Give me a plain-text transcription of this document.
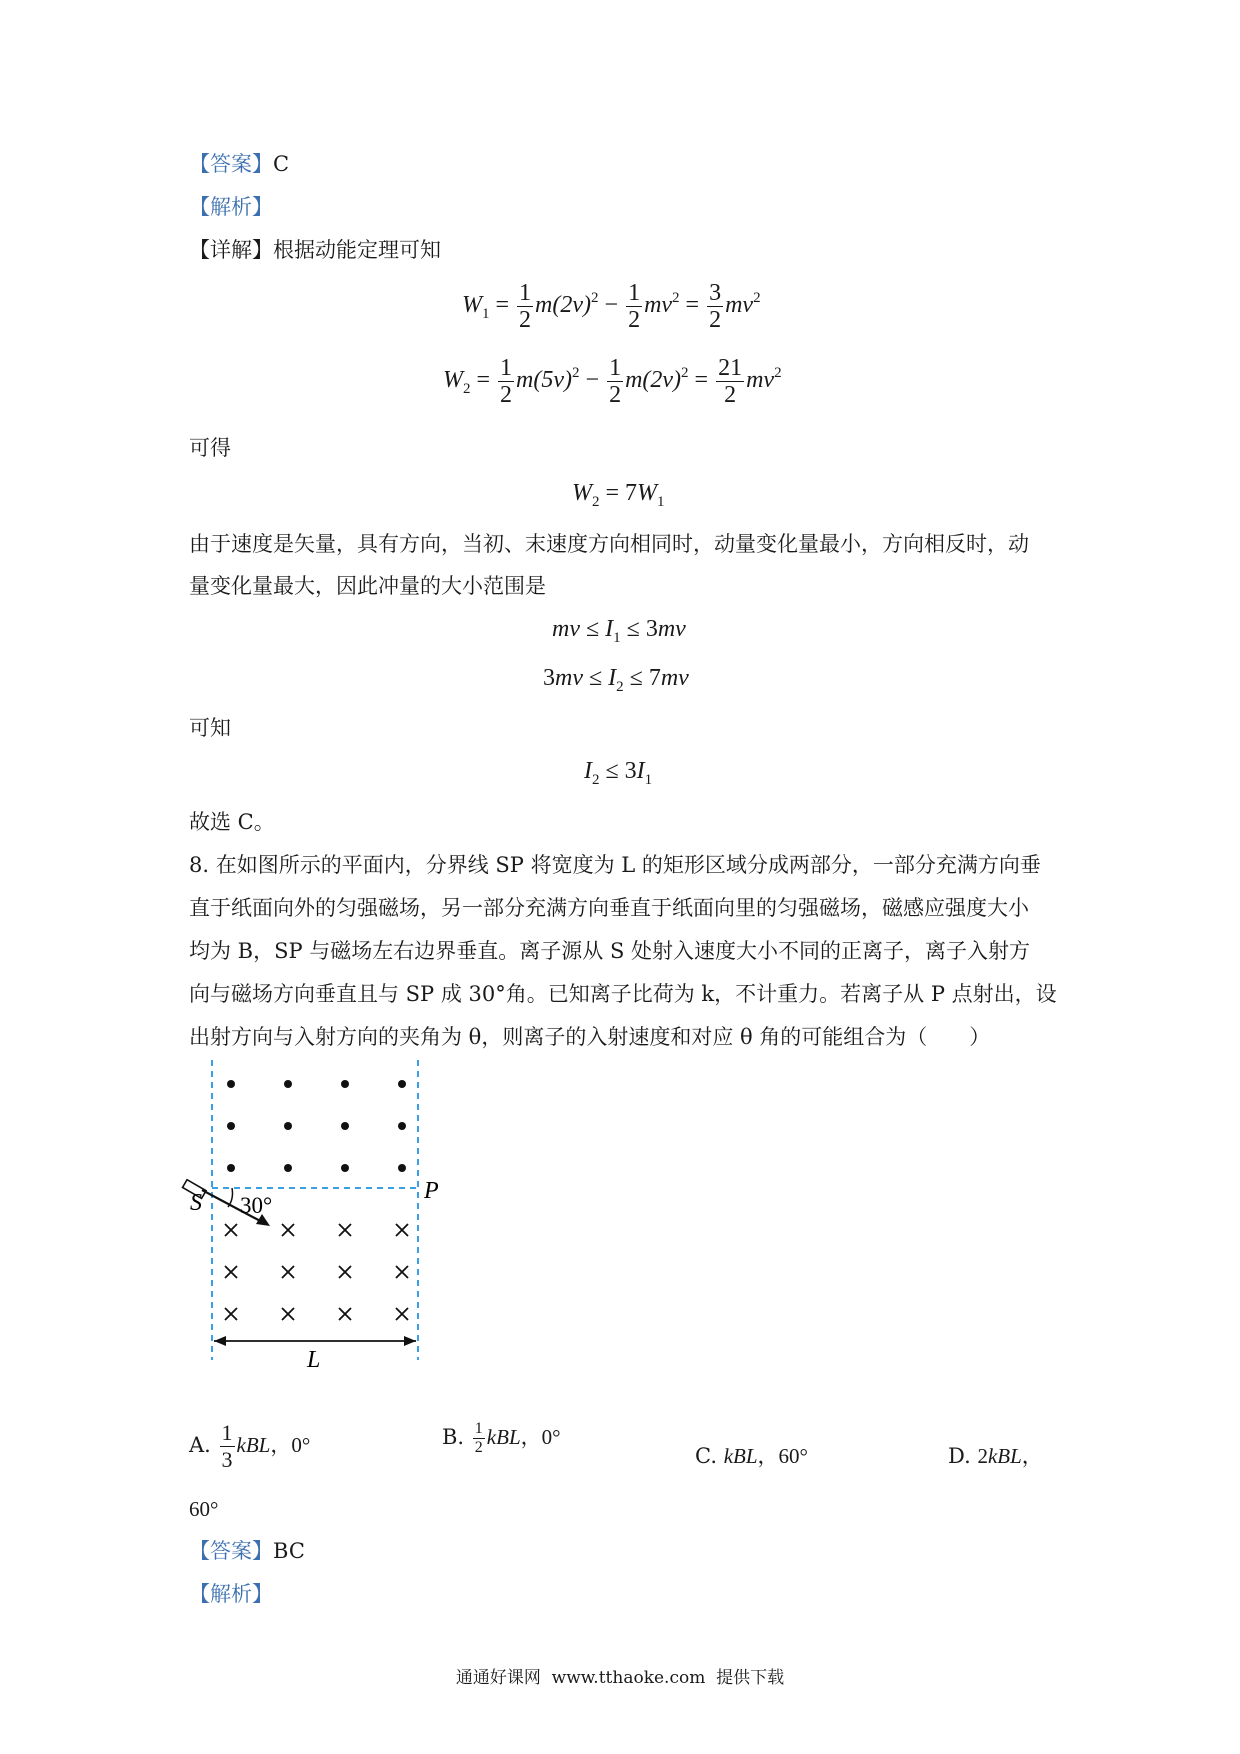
【答案】C
【解析】
【详解】根据动能定理可知
$W_1 = \frac{1}{2} m(2v)^2 - \frac{1}{2} mv^2 = \frac{3}{2} mv^2$
$W_2 = \frac{1}{2} m(5v)^2 - \frac{1}{2} m(2v)^2 = \frac{21}{2} mv^2$
可得
$W_2 = 7W_1$
由于速度是矢量，具有方向，当初、末速度方向相同时，动量变化量最小，方向相反时，动
量变化量最大，因此冲量的大小范围是
mv ≤ $I_1 \le 3mv$
$3mv \le I_2 \le 7mv$
可知
$I_2 \le 3I_1$
故选 C。
8. 在如图所示的平面内，分界线 SP 将宽度为 L 的矩形区域分成两部分，一部分充满方向垂
直于纸面向外的匀强磁场，另一部分充满方向垂直于纸面向里的匀强磁场，磁感应强度大小
均为 B，SP 与磁场左右边界垂直。离子源从 S 处射入速度大小不同的正离子，离子入射方
向与磁场方向垂直且与 SP 成 30°角。已知离子比荷为 k，不计重力。若离子从 P 点射出，设
出射方向与入射方向的夹角为 θ，则离子的入射速度和对应 θ 角的可能组合为（　　）
S	P
30°
L
A. $\frac{1}{3}$ kBL，0°	B. $\frac{1}{2}$ kBL，0°
C. kBL，60°	D. 2kBL，
60°
【答案】BC
【解析】
通通好课网  www.tthaoke.com  提供下载
